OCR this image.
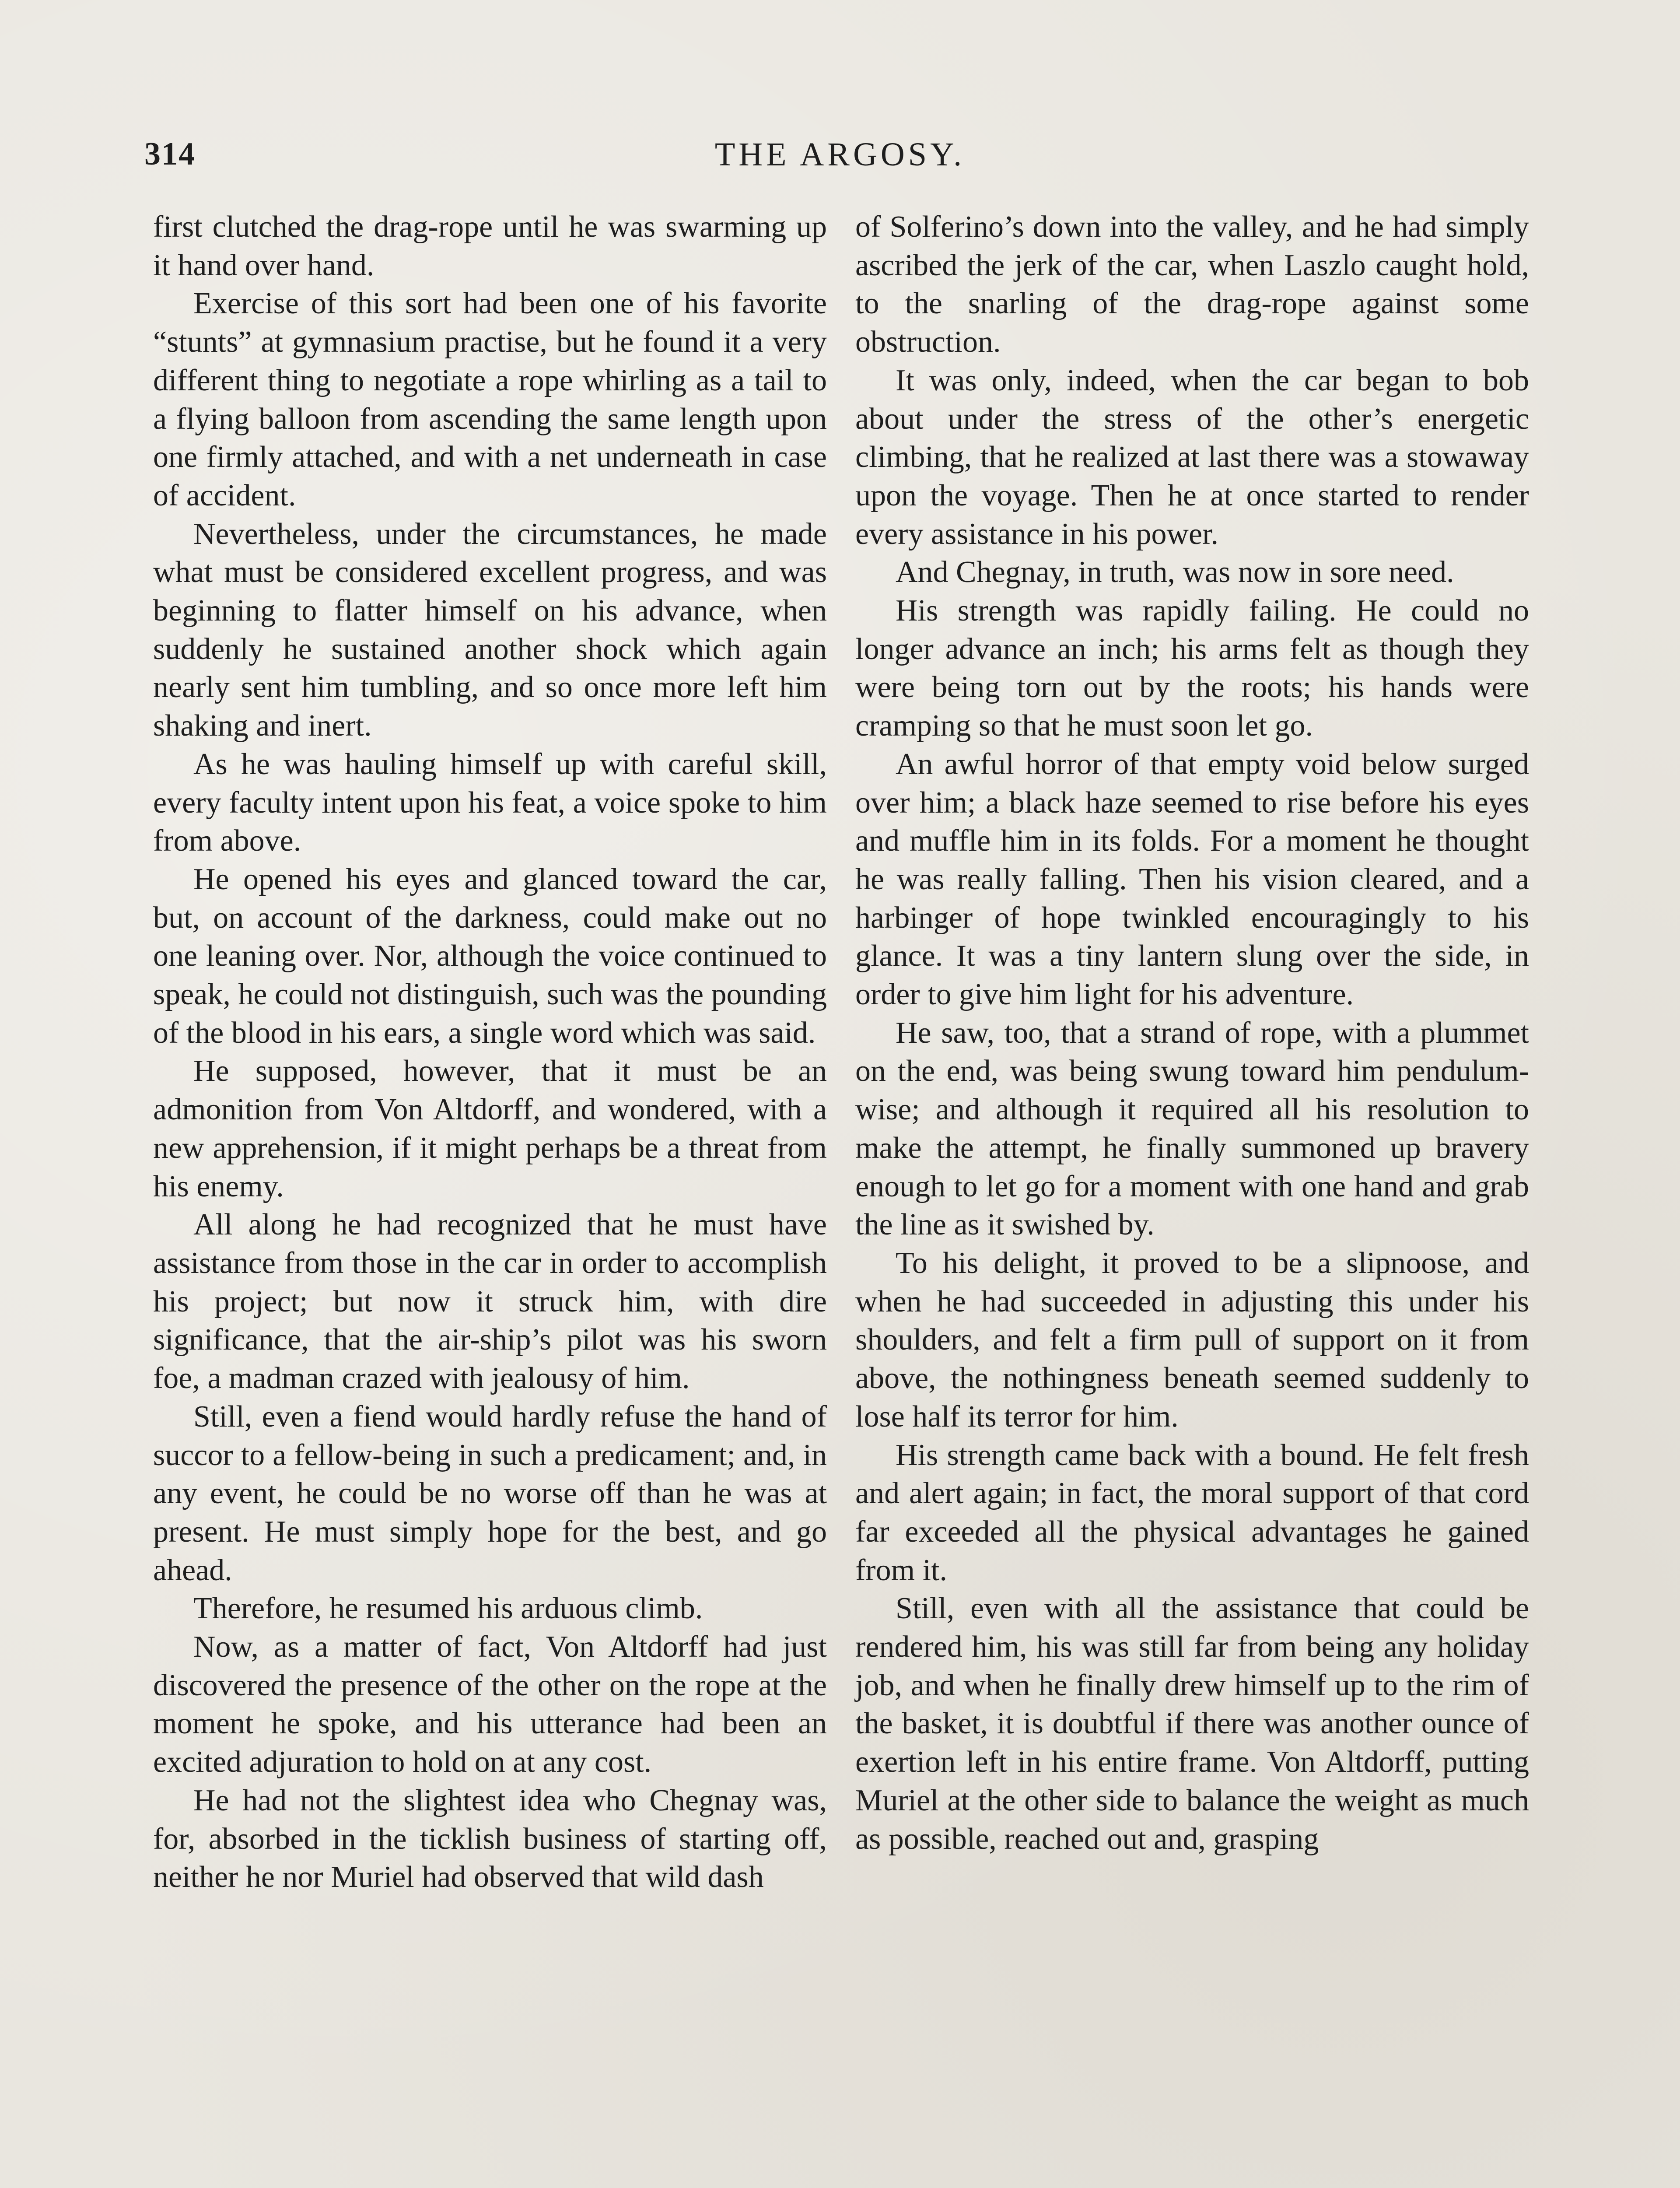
314	THE ARGOSY.

first clutched the drag-rope until he was swarming up it hand over hand.

Exercise of this sort had been one of his favorite “stunts” at gymnasium practise, but he found it a very different thing to negotiate a rope whirling as a tail to a flying balloon from ascending the same length upon one firmly attached, and with a net underneath in case of accident.

Nevertheless, under the circumstances, he made what must be considered excellent progress, and was beginning to flatter himself on his advance, when suddenly he sustained another shock which again nearly sent him tumbling, and so once more left him shaking and inert.

As he was hauling himself up with careful skill, every faculty intent upon his feat, a voice spoke to him from above.

He opened his eyes and glanced toward the car, but, on account of the darkness, could make out no one leaning over. Nor, although the voice continued to speak, he could not distinguish, such was the pounding of the blood in his ears, a single word which was said.

He supposed, however, that it must be an admonition from Von Altdorff, and wondered, with a new apprehension, if it might perhaps be a threat from his enemy.

All along he had recognized that he must have assistance from those in the car in order to accomplish his project; but now it struck him, with dire significance, that the air-ship’s pilot was his sworn foe, a madman crazed with jealousy of him.

Still, even a fiend would hardly refuse the hand of succor to a fellow-being in such a predicament; and, in any event, he could be no worse off than he was at present. He must simply hope for the best, and go ahead.

Therefore, he resumed his arduous climb.

Now, as a matter of fact, Von Altdorff had just discovered the presence of the other on the rope at the moment he spoke, and his utterance had been an excited adjuration to hold on at any cost.

He had not the slightest idea who Chegnay was, for, absorbed in the ticklish business of starting off, neither he nor Muriel had observed that wild dash

of Solferino’s down into the valley, and he had simply ascribed the jerk of the car, when Laszlo caught hold, to the snarling of the drag-rope against some obstruction.

It was only, indeed, when the car began to bob about under the stress of the other’s energetic climbing, that he realized at last there was a stowaway upon the voyage. Then he at once started to render every assistance in his power.

And Chegnay, in truth, was now in sore need.

His strength was rapidly failing. He could no longer advance an inch; his arms felt as though they were being torn out by the roots; his hands were cramping so that he must soon let go.

An awful horror of that empty void below surged over him; a black haze seemed to rise before his eyes and muffle him in its folds. For a moment he thought he was really falling. Then his vision cleared, and a harbinger of hope twinkled encouragingly to his glance. It was a tiny lantern slung over the side, in order to give him light for his adventure.

He saw, too, that a strand of rope, with a plummet on the end, was being swung toward him pendulum-wise; and although it required all his resolution to make the attempt, he finally summoned up bravery enough to let go for a moment with one hand and grab the line as it swished by.

To his delight, it proved to be a slipnoose, and when he had succeeded in adjusting this under his shoulders, and felt a firm pull of support on it from above, the nothingness beneath seemed suddenly to lose half its terror for him.

His strength came back with a bound. He felt fresh and alert again; in fact, the moral support of that cord far exceeded all the physical advantages he gained from it.

Still, even with all the assistance that could be rendered him, his was still far from being any holiday job, and when he finally drew himself up to the rim of the basket, it is doubtful if there was another ounce of exertion left in his entire frame. Von Altdorff, putting Muriel at the other side to balance the weight as much as possible, reached out and, grasping
